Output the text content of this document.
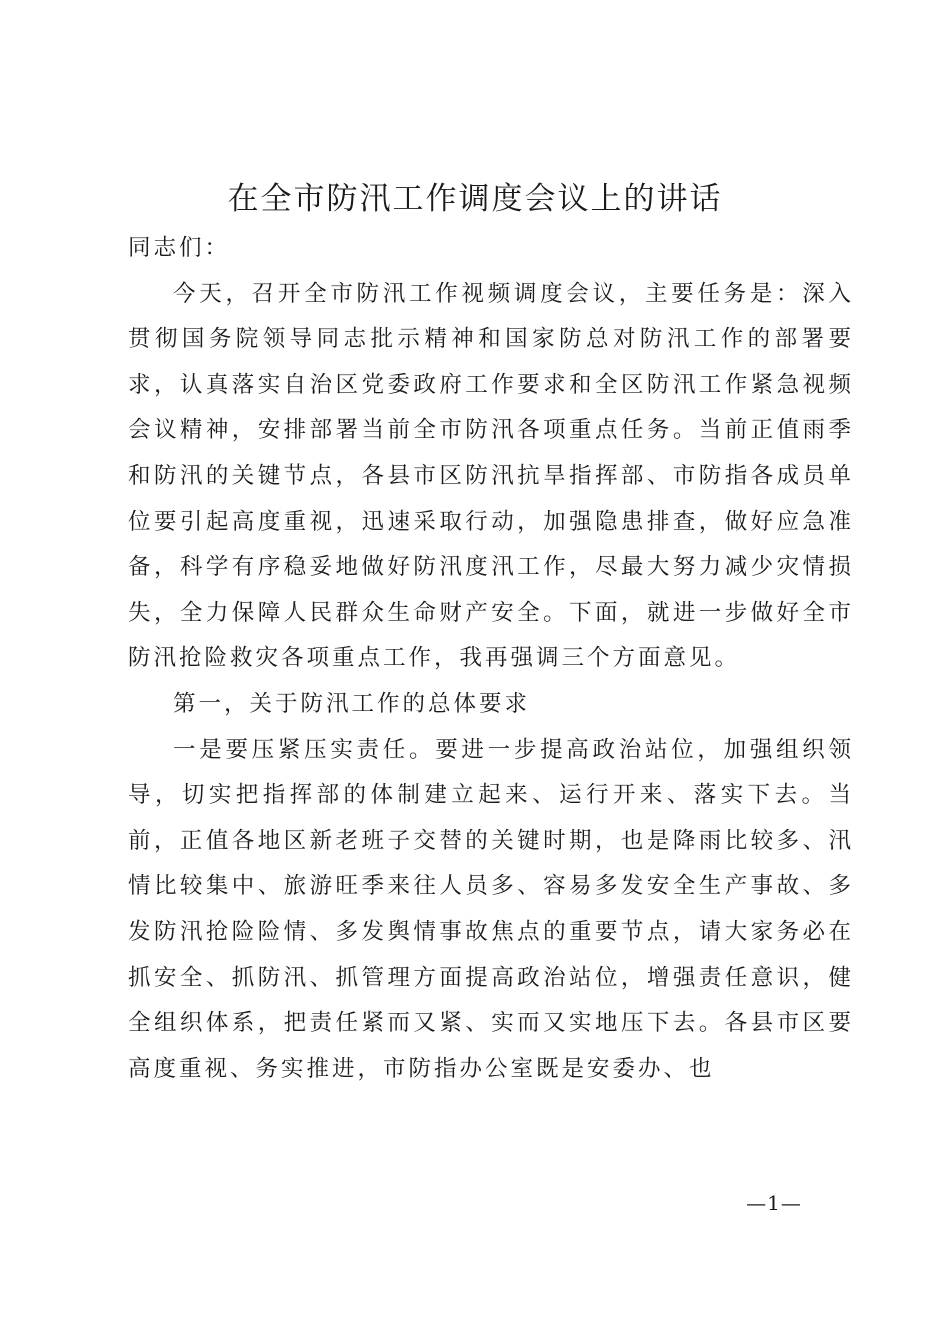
在全市防汛工作调度会议上的讲话

同志们：

今天，召开全市防汛工作视频调度会议，主要任务是：深入贯彻国务院领导同志批示精神和国家防总对防汛工作的部署要求，认真落实自治区党委政府工作要求和全区防汛工作紧急视频会议精神，安排部署当前全市防汛各项重点任务。当前正值雨季和防汛的关键节点，各县市区防汛抗旱指挥部、市防指各成员单位要引起高度重视，迅速采取行动，加强隐患排查，做好应急准备，科学有序稳妥地做好防汛度汛工作，尽最大努力减少灾情损失，全力保障人民群众生命财产安全。下面，就进一步做好全市防汛抢险救灾各项重点工作，我再强调三个方面意见。

第一，关于防汛工作的总体要求

一是要压紧压实责任。要进一步提高政治站位，加强组织领导，切实把指挥部的体制建立起来、运行开来、落实下去。当前，正值各地区新老班子交替的关键时期，也是降雨比较多、汛情比较集中、旅游旺季来往人员多、容易多发安全生产事故、多发防汛抢险险情、多发舆情事故焦点的重要节点，请大家务必在抓安全、抓防汛、抓管理方面提高政治站位，增强责任意识，健全组织体系，把责任紧而又紧、实而又实地压下去。各县市区要高度重视、务实推进，市防指办公室既是安委办、也

—1—
